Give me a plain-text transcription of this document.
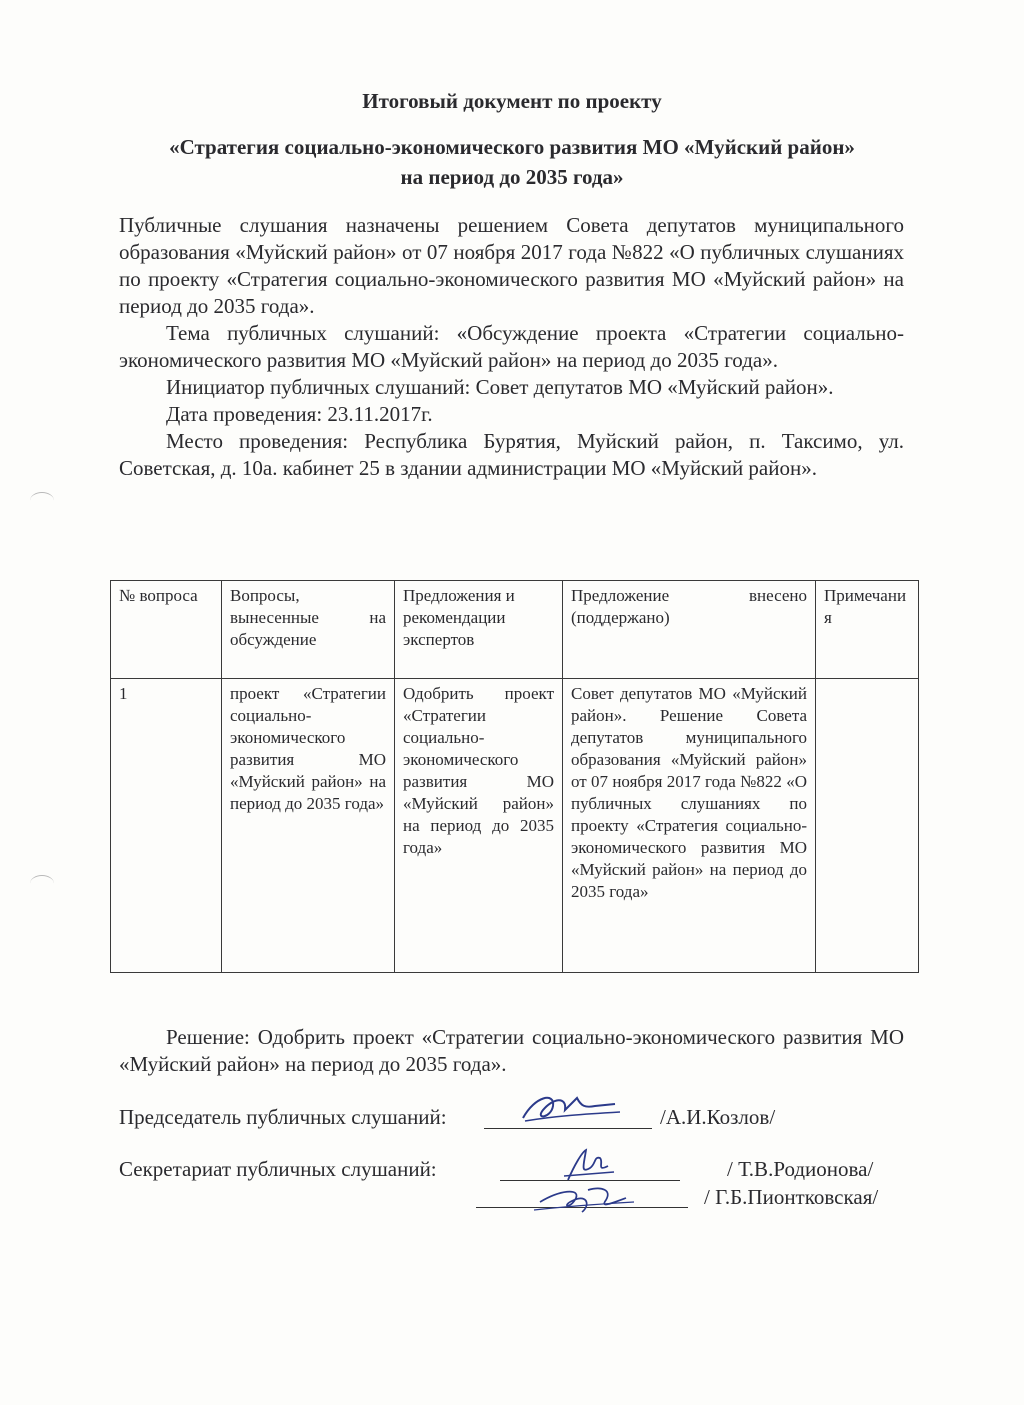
Итоговый документ по проекту
«Стратегия социально-экономического развития МО «Муйский район»
на период до 2035 года»

Публичные слушания назначены решением Совета депутатов муниципального образования «Муйский район» от 07 ноября 2017 года №822 «О публичных слушаниях по проекту «Стратегия социально-экономического развития МО «Муйский район» на период до 2035 года».

Тема публичных слушаний: «Обсуждение проекта «Стратегии социально-экономического развития МО «Муйский район» на период до 2035 года».

Инициатор публичных слушаний: Совет депутатов МО «Муйский район».

Дата проведения: 23.11.2017г.

Место проведения: Республика Бурятия, Муйский район, п. Таксимо, ул. Советская, д. 10а. кабинет 25 в здании администрации МО «Муйский район».

№ вопроса	Вопросы, вынесенные на обсуждение	Предложения и рекомендации экспертов	Предложение внесено (поддержано)	Примечания
1	проект «Стратегии социально-экономического развития МО «Муйский район» на период до 2035 года»	Одобрить проект «Стратегии социально-экономического развития МО «Муйский район» на период до 2035 года»	Совет депутатов МО «Муйский район». Решение Совета депутатов муниципального образования «Муйский район» от 07 ноября 2017 года №822 «О публичных слушаниях по проекту «Стратегия социально-экономического развития МО «Муйский район» на период до 2035 года»	
Решение: Одобрить проект «Стратегии социально-экономического развития МО «Муйский район» на период до 2035 года».
Председатель публичных слушаний:	/А.И.Козлов/
Секретариат публичных слушаний:	/ Т.В.Родионова/
/ Г.Б.Пионтковская/
